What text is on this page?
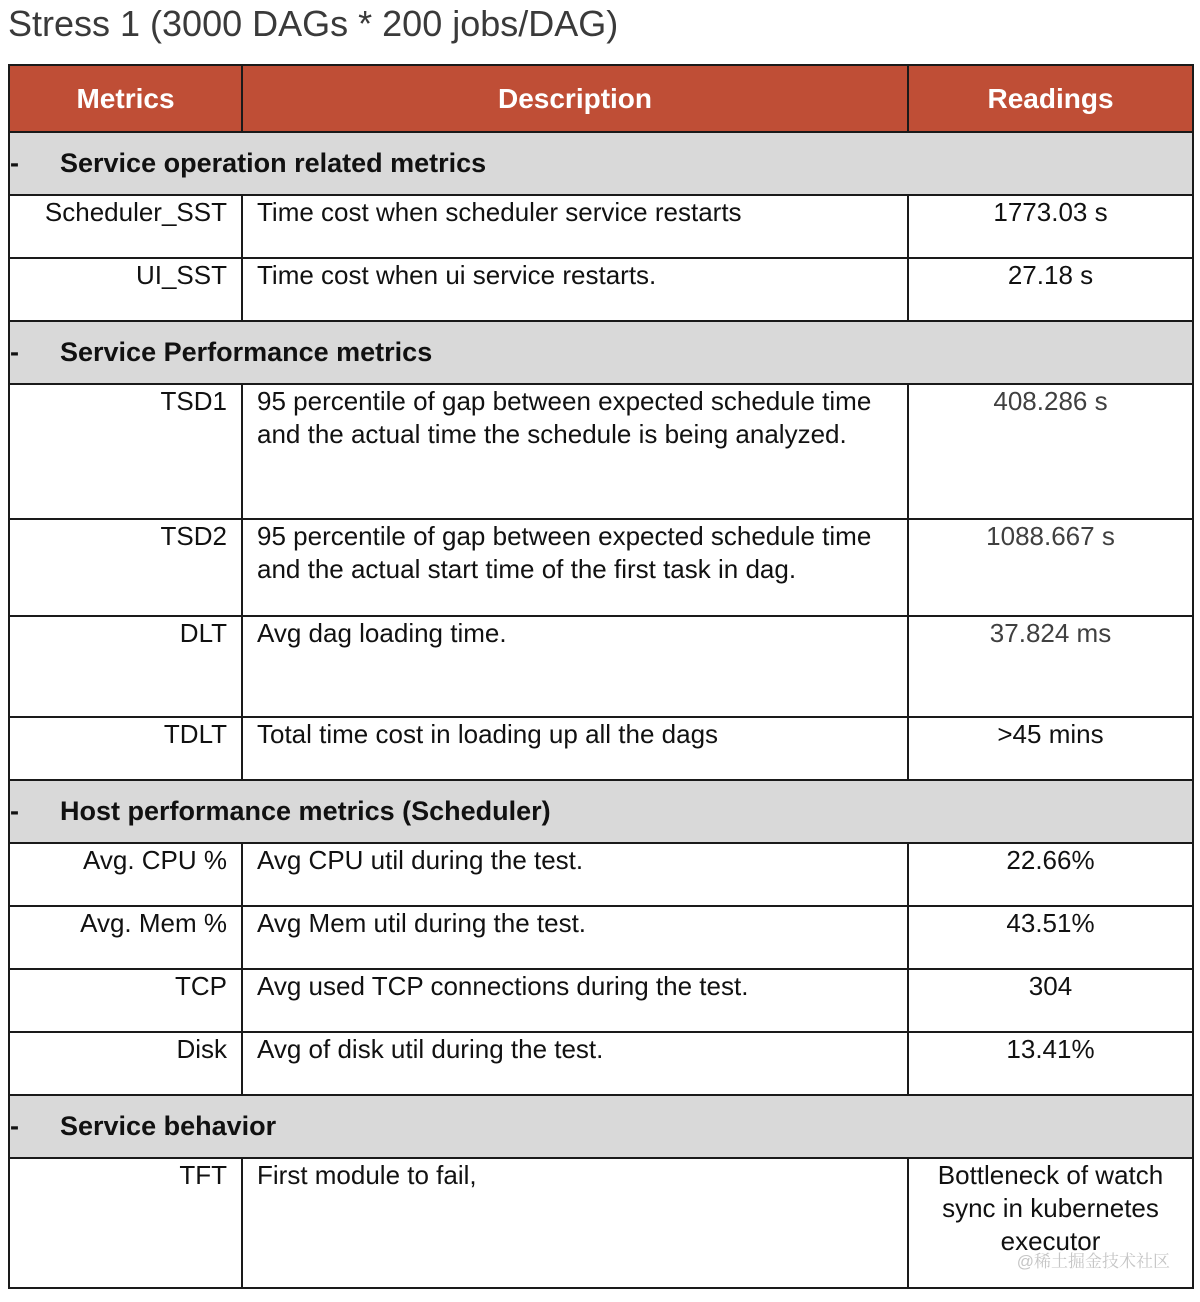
Stress 1 (3000 DAGs * 200 jobs/DAG)
Metrics	Description	Readings
- Service operation related metrics		
Scheduler_SST	Time cost when scheduler service restarts	1773.03 s
UI_SST	Time cost when ui service restarts.	27.18 s
- Service Performance metrics		
TSD1	95 percentile of gap between expected schedule time and the actual time the schedule is being analyzed.	408.286 s
TSD2	95 percentile of gap between expected schedule time and the actual start time of the first task in dag.	1088.667 s
DLT	Avg dag loading time.	37.824 ms
TDLT	Total time cost in loading up all the dags	>45 mins
- Host performance metrics (Scheduler)		
Avg. CPU %	Avg CPU util during the test.	22.66%
Avg. Mem %	Avg Mem util during the test.	43.51%
TCP	Avg used TCP connections during the test.	304
Disk	Avg of disk util during the test.	13.41%
- Service behavior		
TFT	First module to fail,	Bottleneck of watch sync in kubernetes executor
@稀土掘金技术社区
